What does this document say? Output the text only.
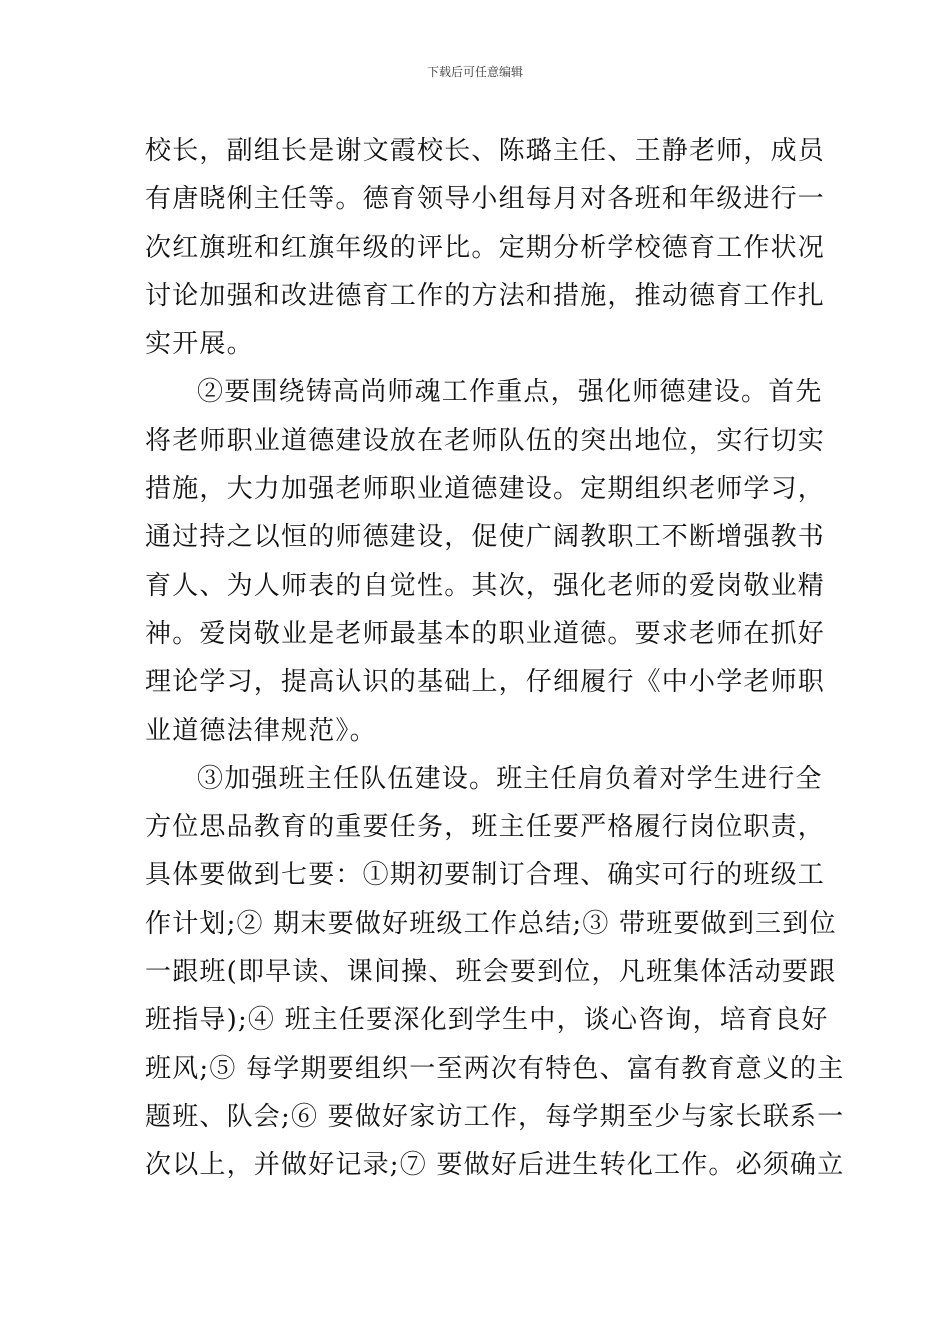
下载后可任意编辑
校长，副组长是谢文霞校长、陈璐主任、王静老师，成员
有唐晓俐主任等。德育领导小组每月对各班和年级进行一
次红旗班和红旗年级的评比。定期分析学校德育工作状况
讨论加强和改进德育工作的方法和措施，推动德育工作扎
实开展。
②要围绕铸高尚师魂工作重点，强化师德建设。首先
将老师职业道德建设放在老师队伍的突出地位，实行切实
措施，大力加强老师职业道德建设。定期组织老师学习，
通过持之以恒的师德建设，促使广阔教职工不断增强教书
育人、为人师表的自觉性。其次，强化老师的爱岗敬业精
神。爱岗敬业是老师最基本的职业道德。要求老师在抓好
理论学习，提高认识的基础上，仔细履行《中小学老师职
业道德法律规范》。
③加强班主任队伍建设。班主任肩负着对学生进行全
方位思品教育的重要任务，班主任要严格履行岗位职责，
具体要做到七要：①期初要制订合理、确实可行的班级工
作计划;② 期末要做好班级工作总结;③ 带班要做到三到位
一跟班(即早读、课间操、班会要到位，凡班集体活动要跟
班指导);④ 班主任要深化到学生中，谈心咨询，培育良好
班风;⑤ 每学期要组织一至两次有特色、富有教育意义的主
题班、队会;⑥ 要做好家访工作，每学期至少与家长联系一
次以上，并做好记录;⑦ 要做好后进生转化工作。必须确立
